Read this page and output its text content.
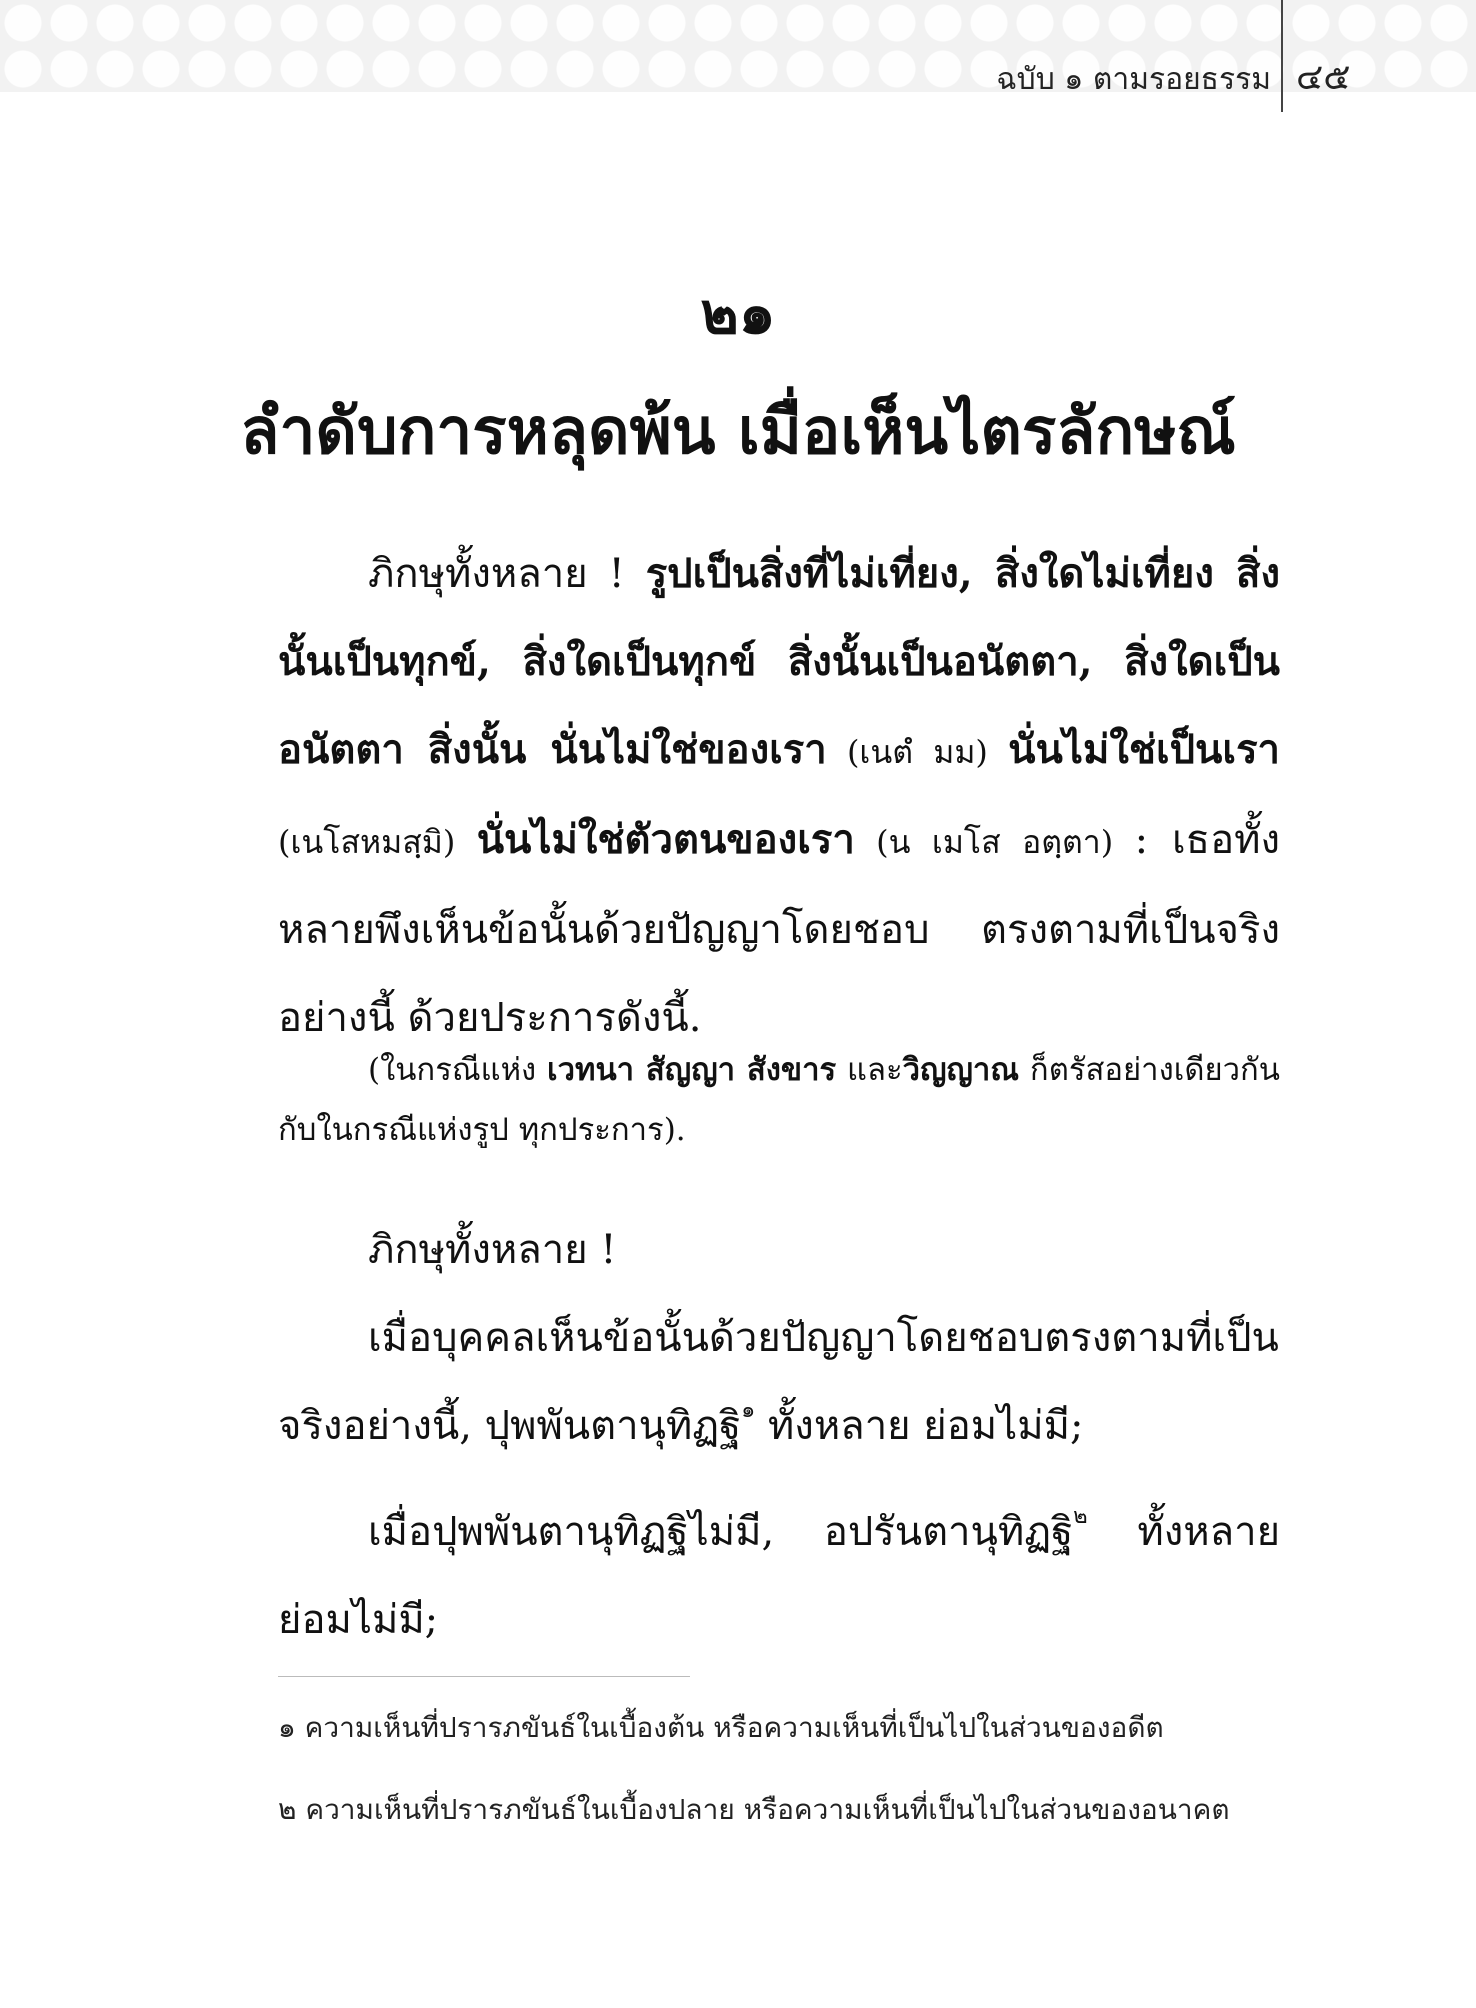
ฉบับ ๑ ตามรอยธรรม ๔๕
๒๑
ลำดับการหลุดพ้น เมื่อเห็นไตรลักษณ์
ภิกษุทั้งหลาย ! รูปเป็นสิ่งที่ไม่เที่ยง, สิ่งใดไม่เที่ยง สิ่งนั้นเป็นทุกข์, สิ่งใดเป็นทุกข์ สิ่งนั้นเป็นอนัตตา, สิ่งใดเป็นอนัตตา สิ่งนั้น นั่นไม่ใช่ของเรา (เนตํ มม) นั่นไม่ใช่เป็นเรา (เนโสหมสฺมิ) นั่นไม่ใช่ตัวตนของเรา (น เมโส อตฺตา) : เธอทั้งหลายพึงเห็นข้อนั้นด้วยปัญญาโดยชอบ ตรงตามที่เป็นจริงอย่างนี้ ด้วยประการดังนี้.
(ในกรณีแห่ง เวทนา สัญญา สังขาร และวิญญาณ ก็ตรัสอย่างเดียวกันกับในกรณีแห่งรูป ทุกประการ).
ภิกษุทั้งหลาย !
เมื่อบุคคลเห็นข้อนั้นด้วยปัญญาโดยชอบตรงตามที่เป็นจริงอย่างนี้, ปุพพันตานุทิฏฐิ$^๑$ ทั้งหลาย ย่อมไม่มี;
เมื่อปุพพันตานุทิฏฐิไม่มี, อปรันตานุทิฏฐิ$^๒$ ทั้งหลาย ย่อมไม่มี;
๑ ความเห็นที่ปรารภขันธ์ในเบื้องต้น หรือความเห็นที่เป็นไปในส่วนของอดีต
๒ ความเห็นที่ปรารภขันธ์ในเบื้องปลาย หรือความเห็นที่เป็นไปในส่วนของอนาคต
